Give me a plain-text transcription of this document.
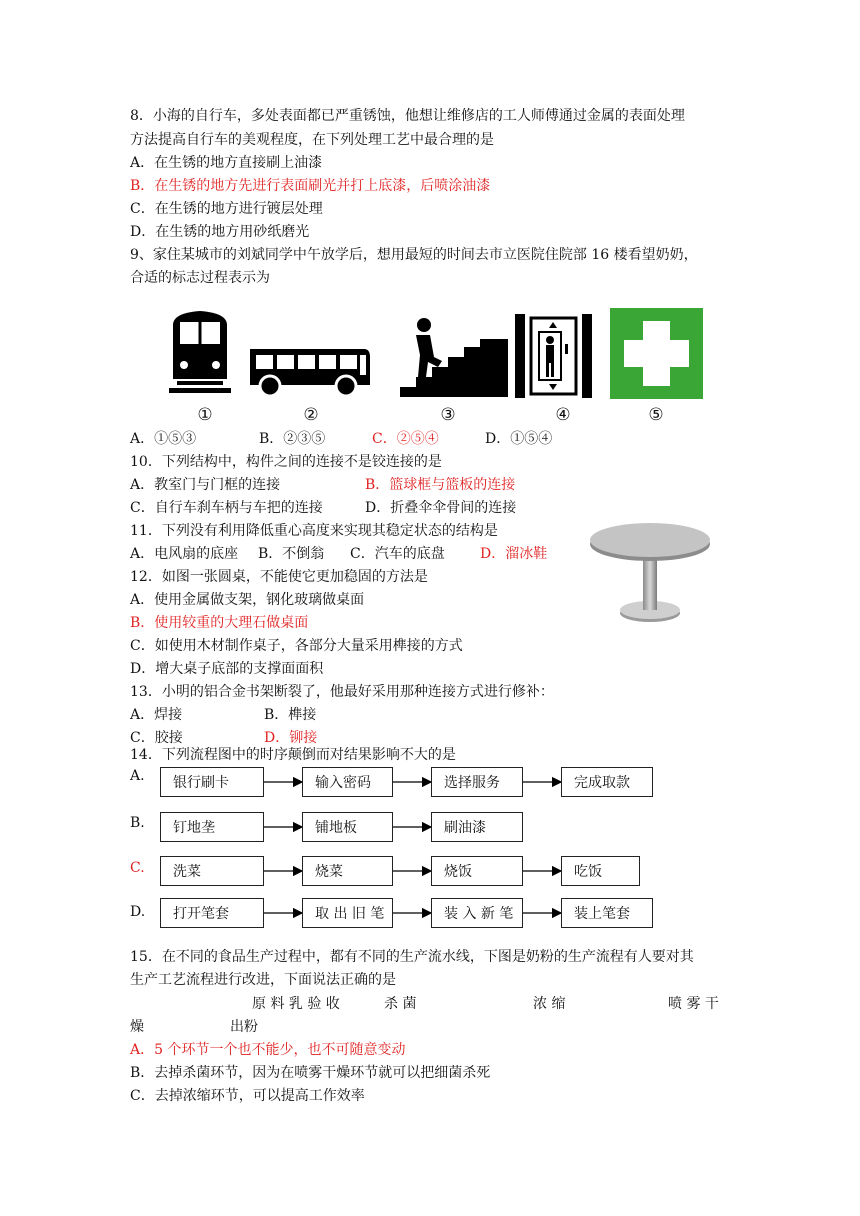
8．小海的自行车，多处表面都已严重锈蚀，他想让维修店的工人师傅通过金属的表面处理
方法提高自行车的美观程度，在下列处理工艺中最合理的是
A．在生锈的地方直接刷上油漆
B．在生锈的地方先进行表面刷光并打上底漆，后喷涂油漆
C．在生锈的地方进行镀层处理
D．在生锈的地方用砂纸磨光
9、家住某城市的刘斌同学中午放学后，想用最短的时间去市立医院住院部 16 楼看望奶奶，
合适的标志过程表示为
①	②	③	④	⑤
A．①⑤③	B．②③⑤	C．②⑤④	D．①⑤④
10．下列结构中，构件之间的连接不是铰连接的是
A．教室门与门框的连接	B．篮球框与篮板的连接
C．自行车刹车柄与车把的连接	D．折叠伞伞骨间的连接
11．下列没有利用降低重心高度来实现其稳定状态的结构是
A．电风扇的底座 B．不倒翁 C．汽车的底盘	D．溜冰鞋
12．如图一张圆桌，不能使它更加稳固的方法是
A．使用金属做支架，钢化玻璃做桌面
B．使用较重的大理石做桌面
C．如使用木材制作桌子，各部分大量采用榫接的方式
D．增大桌子底部的支撑面面积
13．小明的铝合金书架断裂了，他最好采用那种连接方式进行修补：
A．焊接	B．榫接
C．胶接	D．铆接
14．下列流程图中的时序颠倒而对结果影响不大的是
A.	银行刷卡	输入密码	选择服务	完成取款
B.	钉地垄	铺地板	刷油漆
C.	洗菜	烧菜	烧饭	吃饭
D.	打开笔套	取 出 旧 笔	装 入 新 笔	装上笔套
15．在不同的食品生产过程中，都有不同的生产流水线，下图是奶粉的生产流程有人要对其
生产工艺流程进行改进，下面说法正确的是
原 料 乳 验 收	杀 菌	浓 缩	喷 雾 干
燥	出粉
A．5 个环节一个也不能少，也不可随意变动
B．去掉杀菌环节，因为在喷雾干燥环节就可以把细菌杀死
C．去掉浓缩环节，可以提高工作效率
